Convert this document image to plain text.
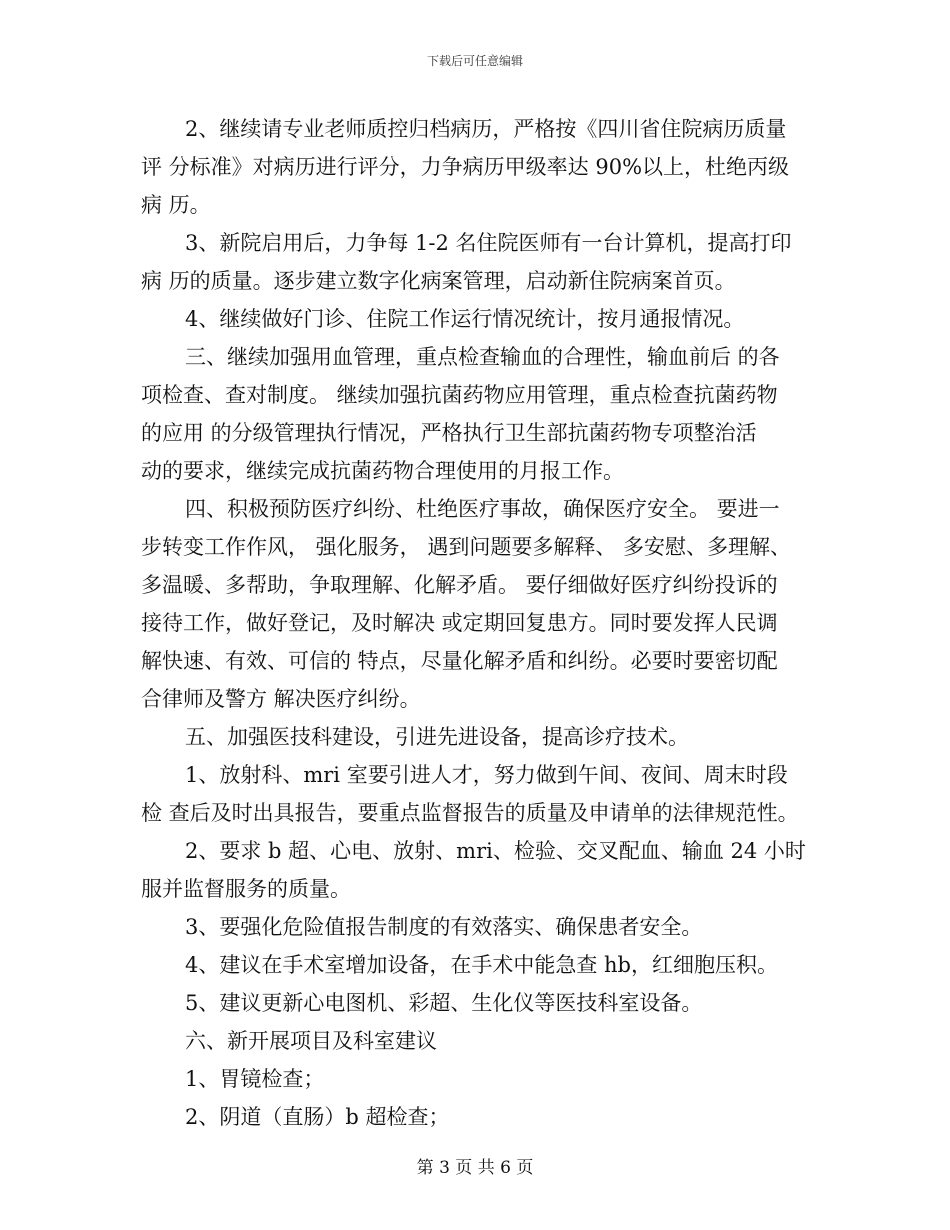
下载后可任意编辑
2、继续请专业老师质控归档病历，严格按《四川省住院病历质量
评 分标准》对病历进行评分，力争病历甲级率达 90%以上，杜绝丙级
病 历。
3、新院启用后，力争每 1-2 名住院医师有一台计算机，提高打印
病 历的质量。逐步建立数字化病案管理，启动新住院病案首页。
4、继续做好门诊、住院工作运行情况统计，按月通报情况。
三、继续加强用血管理，重点检查输血的合理性，输血前后 的各
项检查、查对制度。 继续加强抗菌药物应用管理，重点检查抗菌药物
的应用 的分级管理执行情况，严格执行卫生部抗菌药物专项整治活
动的要求，继续完成抗菌药物合理使用的月报工作。
四、积极预防医疗纠纷、杜绝医疗事故，确保医疗安全。 要进一
步转变工作作风， 强化服务， 遇到问题要多解释、 多安慰、多理解、
多温暖、多帮助，争取理解、化解矛盾。 要仔细做好医疗纠纷投诉的
接待工作，做好登记，及时解决 或定期回复患方。同时要发挥人民调
解快速、有效、可信的 特点，尽量化解矛盾和纠纷。必要时要密切配
合律师及警方 解决医疗纠纷。
五、加强医技科建设，引进先进设备，提高诊疗技术。
1、放射科、mri 室要引进人才，努力做到午间、夜间、周末时段
检 查后及时出具报告，要重点监督报告的质量及申请单的法律规范性。
2、要求 b 超、心电、放射、mri、检验、交叉配血、输血 24 小时
服并监督服务的质量。
3、要强化危险值报告制度的有效落实、确保患者安全。
4、建议在手术室增加设备，在手术中能急查 hb，红细胞压积。
5、建议更新心电图机、彩超、生化仪等医技科室设备。
六、新开展项目及科室建议
1、胃镜检查；
2、阴道（直肠）b 超检查；
第 3 页 共 6 页
